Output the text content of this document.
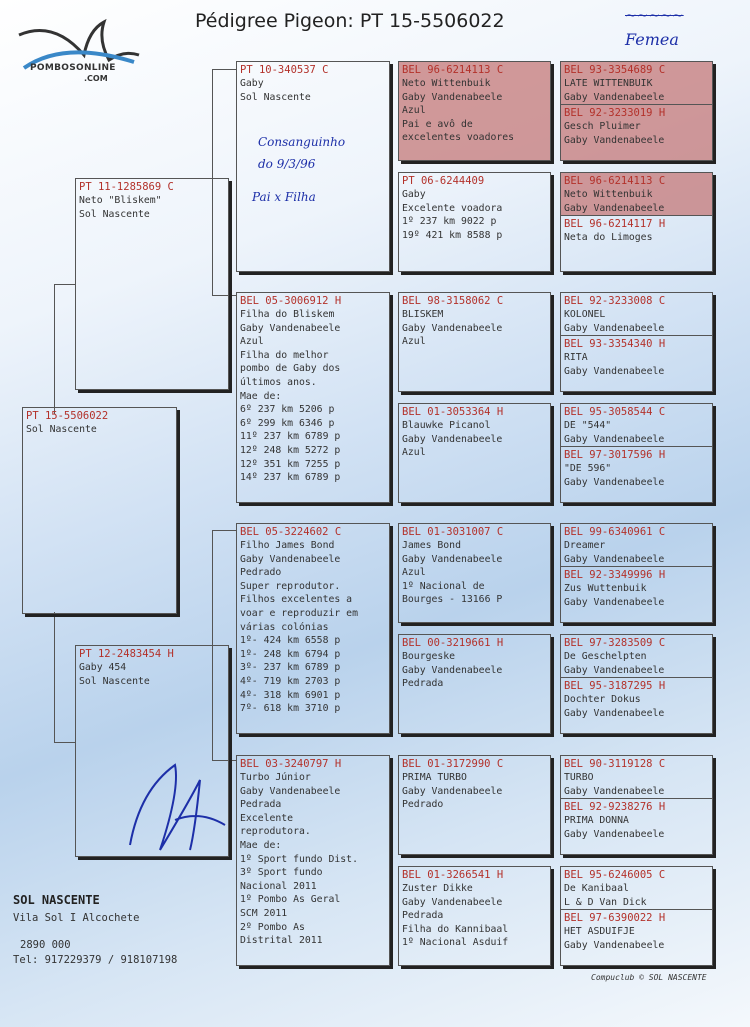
POMBOSONLINE
.COM
Pédigree Pigeon: PT 15-5506022	~~~~~
Femea
Consanguinho
do 9/3/96
Pai x Filha
PT 15-5506022
Sol Nascente
PT 11-1285869 C
Neto "Bliskem"
Sol Nascente
PT 12-2483454 H
Gaby 454
Sol Nascente
PT 10-340537 C
Gaby
Sol Nascente
BEL 05-3006912 H
Filha do Bliskem
Gaby Vandenabeele
Azul
Filha do melhor
pombo de Gaby dos
últimos anos.
Mae de:
6º 237 km 5206 p
6º 299 km 6346 p
11º 237 km 6789 p
12º 248 km 5272 p
12º 351 km 7255 p
14º 237 km 6789 p
BEL 05-3224602 C
Filho James Bond
Gaby Vandenabeele
Pedrado
Super reprodutor.
Filhos excelentes a
voar e reproduzir em
várias colónias
1º- 424 km 6558 p
1º- 248 km 6794 p
3º- 237 km 6789 p
4º- 719 km 2703 p
4º- 318 km 6901 p
7º- 618 km 3710 p
BEL 03-3240797 H
Turbo Júnior
Gaby Vandenabeele
Pedrada
Excelente
reprodutora.
Mae de:
1º Sport fundo Dist.
3º Sport fundo
Nacional 2011
1º Pombo As Geral
SCM 2011
2º Pombo As
Distrital 2011
BEL 96-6214113 C
Neto Wittenbuik
Gaby Vandenabeele
Azul
Pai e avô de
excelentes voadores
PT 06-6244409
Gaby
Excelente voadora
1º 237 km 9022 p
19º 421 km 8588 p
BEL 98-3158062 C
BLISKEM
Gaby Vandenabeele
Azul
BEL 01-3053364 H
Blauwke Picanol
Gaby Vandenabeele
Azul
BEL 01-3031007 C
James Bond
Gaby Vandenabeele
Azul
1º Nacional de
Bourges - 13166 P
BEL 00-3219661 H
Bourgeske
Gaby Vandenabeele
Pedrada
BEL 01-3172990 C
PRIMA TURBO
Gaby Vandenabeele
Pedrado
BEL 01-3266541 H
Zuster Dikke
Gaby Vandenabeele
Pedrada
Filha do Kannibaal
1º Nacional Asduif
BEL 93-3354689 C
LATE WITTENBUIK
Gaby Vandenabeele
BEL 92-3233019 H
Gesch Pluimer
Gaby Vandenabeele
BEL 96-6214113 C
Neto Wittenbuik
Gaby Vandenabeele
BEL 96-6214117 H
Neta do Limoges
BEL 92-3233008 C
KOLONEL
Gaby Vandenabeele
BEL 93-3354340 H
RITA
Gaby Vandenabeele
BEL 95-3058544 C
DE "544"
Gaby Vandenabeele
BEL 97-3017596 H
"DE 596"
Gaby Vandenabeele
BEL 99-6340961 C
Dreamer
Gaby Vandenabeele
BEL 92-3349996 H
Zus Wuttenbuik
Gaby Vandenabeele
BEL 97-3283509 C
De Geschelpten
Gaby Vandenabeele
BEL 95-3187295 H
Dochter Dokus
Gaby Vandenabeele
BEL 90-3119128 C
TURBO
Gaby Vandenabeele
BEL 92-9238276 H
PRIMA DONNA
Gaby Vandenabeele
BEL 95-6246005 C
De Kanibaal
L & D Van Dick
BEL 97-6390022 H
HET ASDUIFJE
Gaby Vandenabeele
SOL NASCENTE
Vila Sol I Alcochete
2890 000
Tel: 917229379 / 918107198
Compuclub © SOL NASCENTE
